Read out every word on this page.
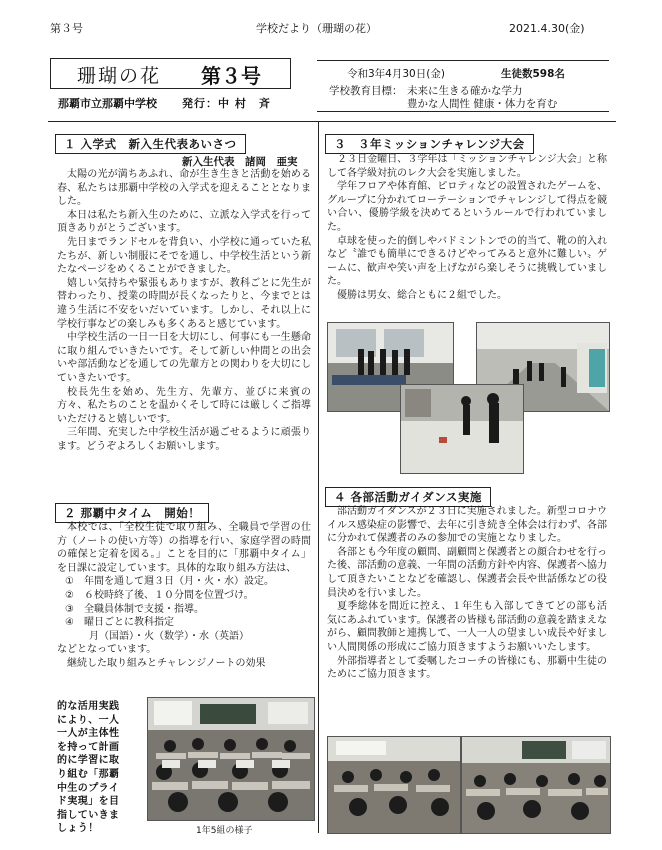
第３号	学校だより（珊瑚の花）	2021.4.30(金)
珊瑚の花 第３号
那覇市立那覇中学校 発行：中 村　斉
令和3年4月30日(金)	生徒数598名
学校教育目標： 未来に生きる確かな学力
豊かな人間性 健康・体力を育む
１ 入学式　新入生代表あいさつ
新入生代表　諸岡　亜実

太陽の光が満ちあふれ、命が生き生きと活動を始める春、私たちは那覇中学校の入学式を迎えることとなりました。

本日は私たち新入生のために、立派な入学式を行って頂きありがとうございます。

先日までランドセルを背負い、小学校に通っていた私たちが、新しい制服にそでを通し、中学校生活という新たなページをめくることができました。

嬉しい気持ちや緊張もありますが、教科ごとに先生が替わったり、授業の時間が長くなったりと、今までとは違う生活に不安をいだいています。しかし、それ以上に学校行事などの楽しみも多くあると感じています。

中学校生活の一日一日を大切にし、何事にも一生懸命に取り組んでいきたいです。そして新しい仲間との出会いや部活動などを通しての先輩方との関わりを大切にしていきたいです。

校長先生を始め、先生方、先輩方、並びに来賓の方々、私たちのことを温かくそして時には厳しくご指導いただけると嬉しいです。

三年間、充実した中学校生活が過ごせるように頑張ります。どうぞよろしくお願いします。

２ 那覇中タイム　開始！

本校では、「全校生徒で取り組み、全職員で学習の仕方（ノートの使い方等）の指導を行い、家庭学習の時間の確保と定着を図る。」ことを目的に「那覇中タイム」を日課に設定しています。具体的な取り組み方法は、

①　年間を通して週３日（月・火・水）設定。
②　６校時終了後、１０分間を位置づけ。
③　全職員体制で支援・指導。
④　曜日ごとに教科指定
月（国語）・火（数学）・水（英語）
などとなっています。

継続した取り組みとチャレンジノートの効果

的な活用実践
により、一人
一人が主体性
を持って計画
的に学習に取
り組む「那覇
中生のプライ
ド実現」を目
指していきま
しょう！	1年5組の様子
３　３年ミッションチャレンジ大会

２３日金曜日、３学年は「ミッションチャレンジ大会」と称して各学級対抗のレク大会を実施しました。

学年フロアや体育館、ピロティなどの設置されたゲームを、グループに分かれてローテーションでチャレンジして得点を競い合い、優勝学級を決めてるというルールで行われていました。

卓球を使った的倒しやバドミントンでの的当て、靴の的入れなど〝誰でも簡単にできるけどやってみると意外に難しい〟ゲームに、歓声や笑い声を上げながら楽しそうに挑戦していました。

優勝は男女、総合ともに２組でした。

４ 各部活動ガイダンス実施

部活動ガイダンスが２３日に実施されました。新型コロナウイルス感染症の影響で、去年に引き続き全体会は行わず、各部に分かれて保護者のみの参加での実施となりました。

各部とも今年度の顧問、副顧問と保護者との顔合わせを行った後、部活動の意義、一年間の活動方針や内容、保護者へ協力して頂きたいことなどを確認し、保護者会長や世話係などの役員決めを行いました。

夏季総体を間近に控え、１年生も入部してきてどの部も活気にあふれています。保護者の皆様も部活動の意義を踏まえながら、顧問教師と連携して、一人一人の望ましい成長や好ましい人間関係の形成にご協力頂きますようお願いいたします。

外部指導者として委嘱したコーチの皆様にも、那覇中生徒のためにご協力頂きます。
